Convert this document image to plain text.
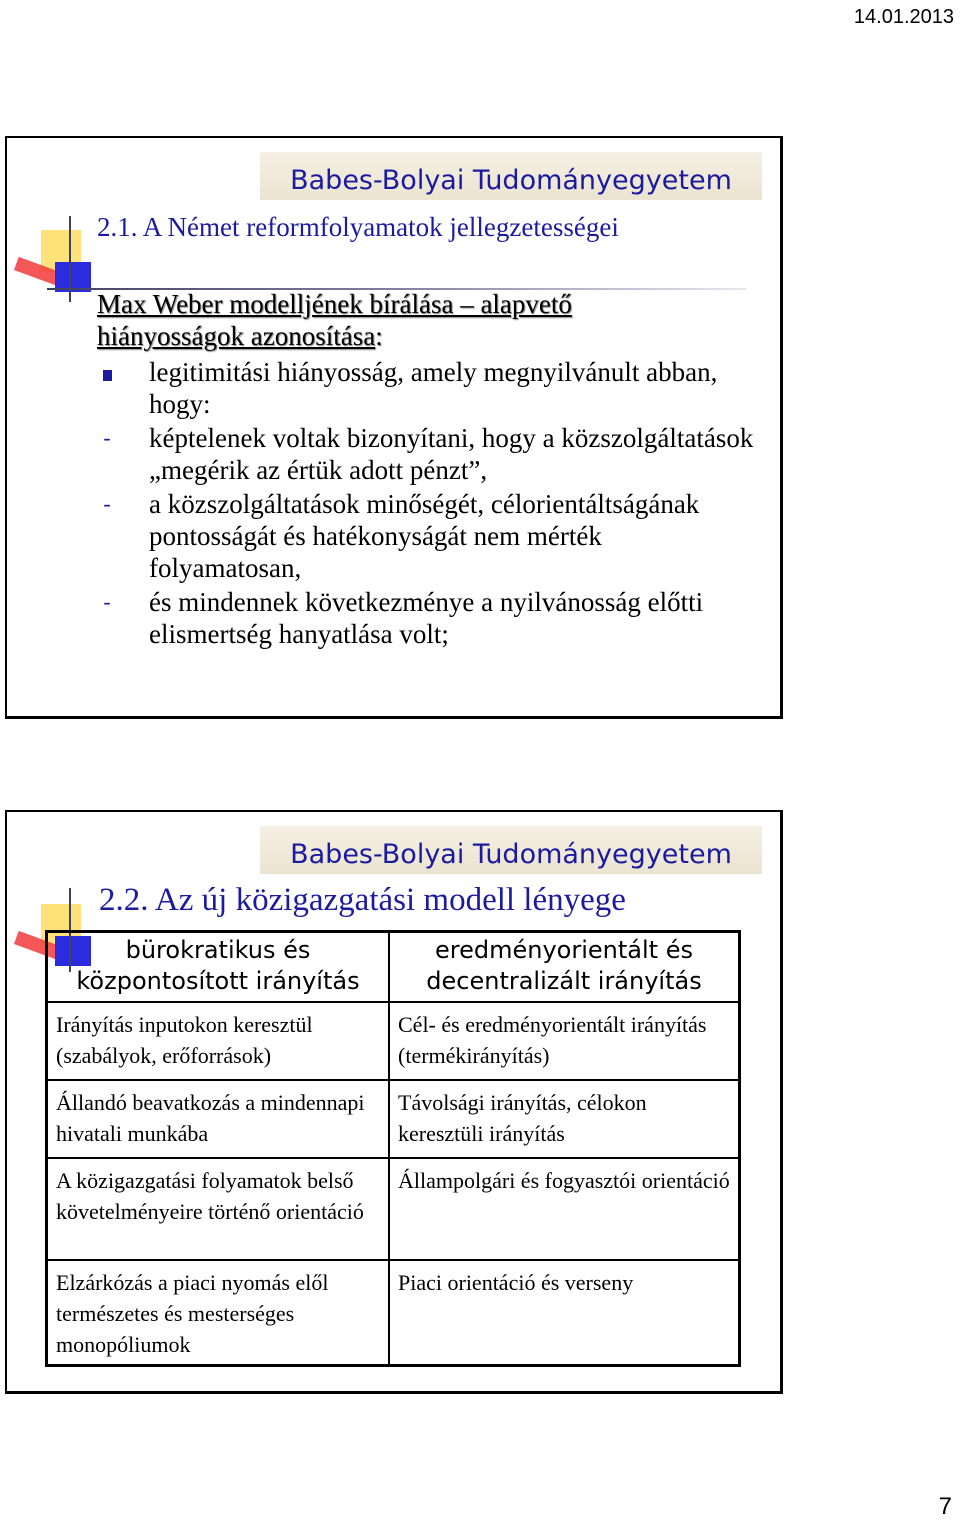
14.01.2013
Babes-Bolyai Tudományegyetem
2.1. A Német reformfolyamatok jellegzetességei
Max Weber modelljének bírálása – alapvető
hiányosságok azonosítása:
legitimitási hiányosság, amely megnyilvánult abban, hogy:
- képtelenek voltak bizonyítani, hogy a közszolgáltatások „megérik az értük adott pénzt”,
- a közszolgáltatások minőségét, célorientáltságának pontosságát és hatékonyságát nem mérték folyamatosan,
- és mindennek következménye a nyilvánosság előtti elismertség hanyatlása volt;
Babes-Bolyai Tudományegyetem
2.2. Az új közigazgatási modell lényege
bürokratikus és központosított irányítás	eredményorientált és decentralizált irányítás
Irányítás inputokon keresztül (szabályok, erőforrások)	Cél- és eredményorientált irányítás (termékirányítás)
Állandó beavatkozás a mindennapi hivatali munkába	Távolsági irányítás, célokon keresztüli irányítás
A közigazgatási folyamatok belső követelményeire történő orientáció	Állampolgári és fogyasztói orientáció
Elzárkózás a piaci nyomás elől természetes és mesterséges monopóliumok	Piaci orientáció és verseny
7
